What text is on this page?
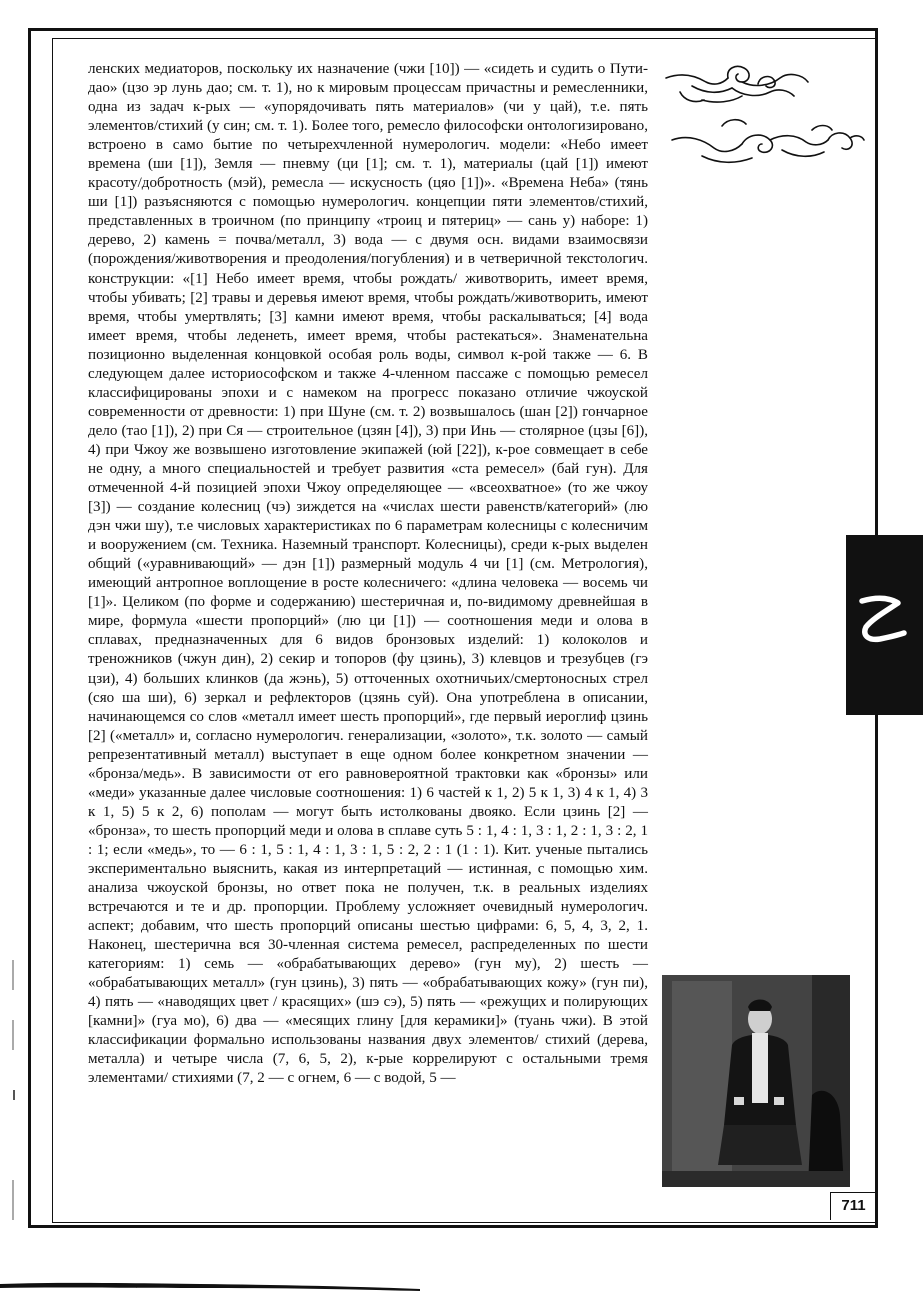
ленских медиаторов, поскольку их назначение (чжи [10]) — «сидеть и судить о Пути-дао» (цзо эр лунь дао; см. т. 1), но к мировым процессам причастны и ремесленники, одна из задач к-рых — «упорядочивать пять материалов» (чи у цай), т.е. пять элементов/стихий (у син; см. т. 1). Более того, ремесло философски онтологизировано, встроено в само бытие по четырехчленной нумерологич. модели: «Небо имеет времена (ши [1]), Земля — пневму (ци [1]; см. т. 1), материалы (цай [1]) имеют красоту/добротность (мэй), ремесла — искусность (цяо [1])». «Времена Неба» (тянь ши [1]) разъясняются с помощью нумерологич. концепции пяти элементов/стихий, представленных в троичном (по принципу «троиц и пятериц» — сань у) наборе: 1) дерево, 2) камень = почва/металл, 3) вода — с двумя осн. видами взаимосвязи (порождения/животворения и преодоления/погубления) и в четверичной текстологич. конструкции: «[1] Небо имеет время, чтобы рождать/ животворить, имеет время, чтобы убивать; [2] травы и деревья имеют время, чтобы рождать/животворить, имеют время, чтобы умертвлять; [3] камни имеют время, чтобы раскалываться; [4] вода имеет время, чтобы леденеть, имеет время, чтобы растекаться». Знаменательна позиционно выделенная концовкой особая роль воды, символ к-рой также — 6. В следующем далее историософском и также 4-членном пассаже с помощью ремесел классифицированы эпохи и с намеком на прогресс показано отличие чжоуской современности от древности: 1) при Шуне (см. т. 2) возвышалось (шан [2]) гончарное дело (тао [1]), 2) при Ся — строительное (цзян [4]), 3) при Инь — столярное (цзы [6]), 4) при Чжоу же возвышено изготовление экипажей (юй [22]), к-рое совмещает в себе не одну, а много специальностей и требует развития «ста ремесел» (бай гун). Для отмеченной 4-й позицией эпохи Чжоу определяющее — «всеохватное» (то же чжоу [3]) — создание колесниц (чэ) зиждется на «числах шести равенств/категорий» (лю дэн чжи шу), т.е числовых характеристиках по 6 параметрам колесницы с колесничим и вооружением (см. Техника. Наземный транспорт. Колесницы), среди к-рых выделен общий («уравнивающий» — дэн [1]) размерный модуль 4 чи [1] (см. Метрология), имеющий антропное воплощение в росте колесничего: «длина человека — восемь чи [1]». Целиком (по форме и содержанию) шестеричная и, по-видимому древнейшая в мире, формула «шести пропорций» (лю ци [1]) — соотношения меди и олова в сплавах, предназначенных для 6 видов бронзовых изделий: 1) колоколов и треножников (чжун дин), 2) секир и топоров (фу цзинь), 3) клевцов и трезубцев (гэ цзи), 4) больших клинков (да жэнь), 5) отточенных охотничьих/смертоносных стрел (сяо ша ши), 6) зеркал и рефлекторов (цзянь суй). Она употреблена в описании, начинающемся со слов «металл имеет шесть пропорций», где первый иероглиф цзинь [2] («металл» и, согласно нумерологич. генерализации, «золото», т.к. золото — самый репрезентативный металл) выступает в еще одном более конкретном значении — «бронза/медь». В зависимости от его равновероятной трактовки как «бронзы» или «меди» указанные далее числовые соотношения: 1) 6 частей к 1, 2) 5 к 1, 3) 4 к 1, 4) 3 к 1, 5) 5 к 2, 6) пополам — могут быть истолкованы двояко. Если цзинь [2] — «бронза», то шесть пропорций меди и олова в сплаве суть 5 : 1, 4 : 1, 3 : 1, 2 : 1, 3 : 2, 1 : 1; если «медь», то — 6 : 1, 5 : 1, 4 : 1, 3 : 1, 5 : 2, 2 : 1 (1 : 1). Кит. ученые пытались экспериментально выяснить, какая из интерпретаций — истинная, с помощью хим. анализа чжоуской бронзы, но ответ пока не получен, т.к. в реальных изделиях встречаются и те и др. пропорции. Проблему усложняет очевидный нумерологич. аспект; добавим, что шесть пропорций описаны шестью цифрами: 6, 5, 4, 3, 2, 1. Наконец, шестерична вся 30-членная система ремесел, распределенных по шести категориям: 1) семь — «обрабатывающих дерево» (гун му), 2) шесть — «обрабатывающих металл» (гун цзинь), 3) пять — «обрабатывающих кожу» (гун пи), 4) пять — «наводящих цвет / красящих» (шэ сэ), 5) пять — «режущих и полирующих [камни]» (гуа мо), 6) два — «месящих глину [для керамики]» (туань чжи). В этой классификации формально использованы названия двух элементов/ стихий (дерева, металла) и четыре числа (7, 6, 5, 2), к-рые коррелируют с остальными тремя элементами/ стихиями (7, 2 — с огнем, 6 — с водой, 5 —

711
